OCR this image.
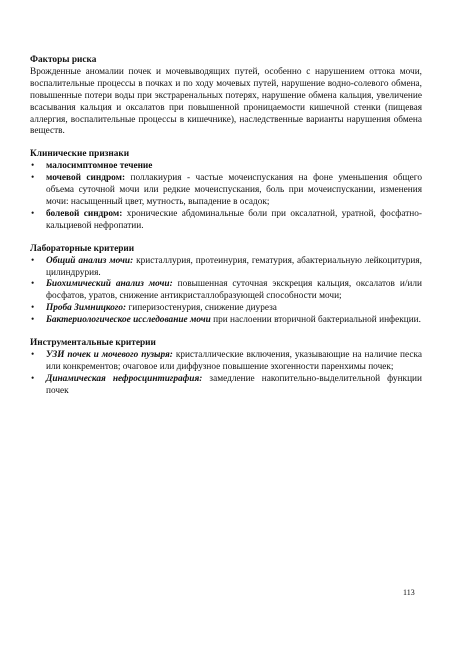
Факторы риска

Врожденные аномалии почек и мочевыводящих путей, особенно с нарушением оттока мочи, воспалительные процессы в почках и по ходу мочевых путей, нарушение водно-солевого обмена, повышенные потери воды при экстраренальных потерях, нарушение обмена кальция, увеличение всасывания кальция и оксалатов при повышенной проницаемости кишечной стенки (пищевая аллергия, воспалительные процессы в кишечнике), наследственные варианты нарушения обмена веществ.

Клинические признаки
• малосимптомное течение
• мочевой синдром: поллакиурия - частые мочеиспускания на фоне уменьшения общего объема суточной мочи или редкие мочеиспускания, боль при мочеиспускании, изменения мочи: насыщенный цвет, мутность, выпадение в осадок;
• болевой синдром: хронические абдоминальные боли при оксалатной, уратной, фосфатно-кальциевой нефропатии.
Лабораторные критерии
• Общий анализ мочи: кристаллурия, протеинурия, гематурия, абактериальную лейкоцитурия, цилиндрурия.
• Биохимический анализ мочи: повышенная суточная экскреция кальция, оксалатов и/или фосфатов, уратов, снижение антикристаллобразующей способности мочи;
• Проба Зимницкого: гиперизостенурия, снижение диуреза
• Бактериологическое исследование мочи при наслоении вторичной бактериальной инфекции.
Инструментальные критерии
• УЗИ почек и мочевого пузыря: кристаллические включения, указывающие на наличие песка или конкрементов; очаговое или диффузное повышение эхогенности паренхимы почек;
• Динамическая нефросцинтиграфия: замедление накопительно-выделительной функции почек
113
